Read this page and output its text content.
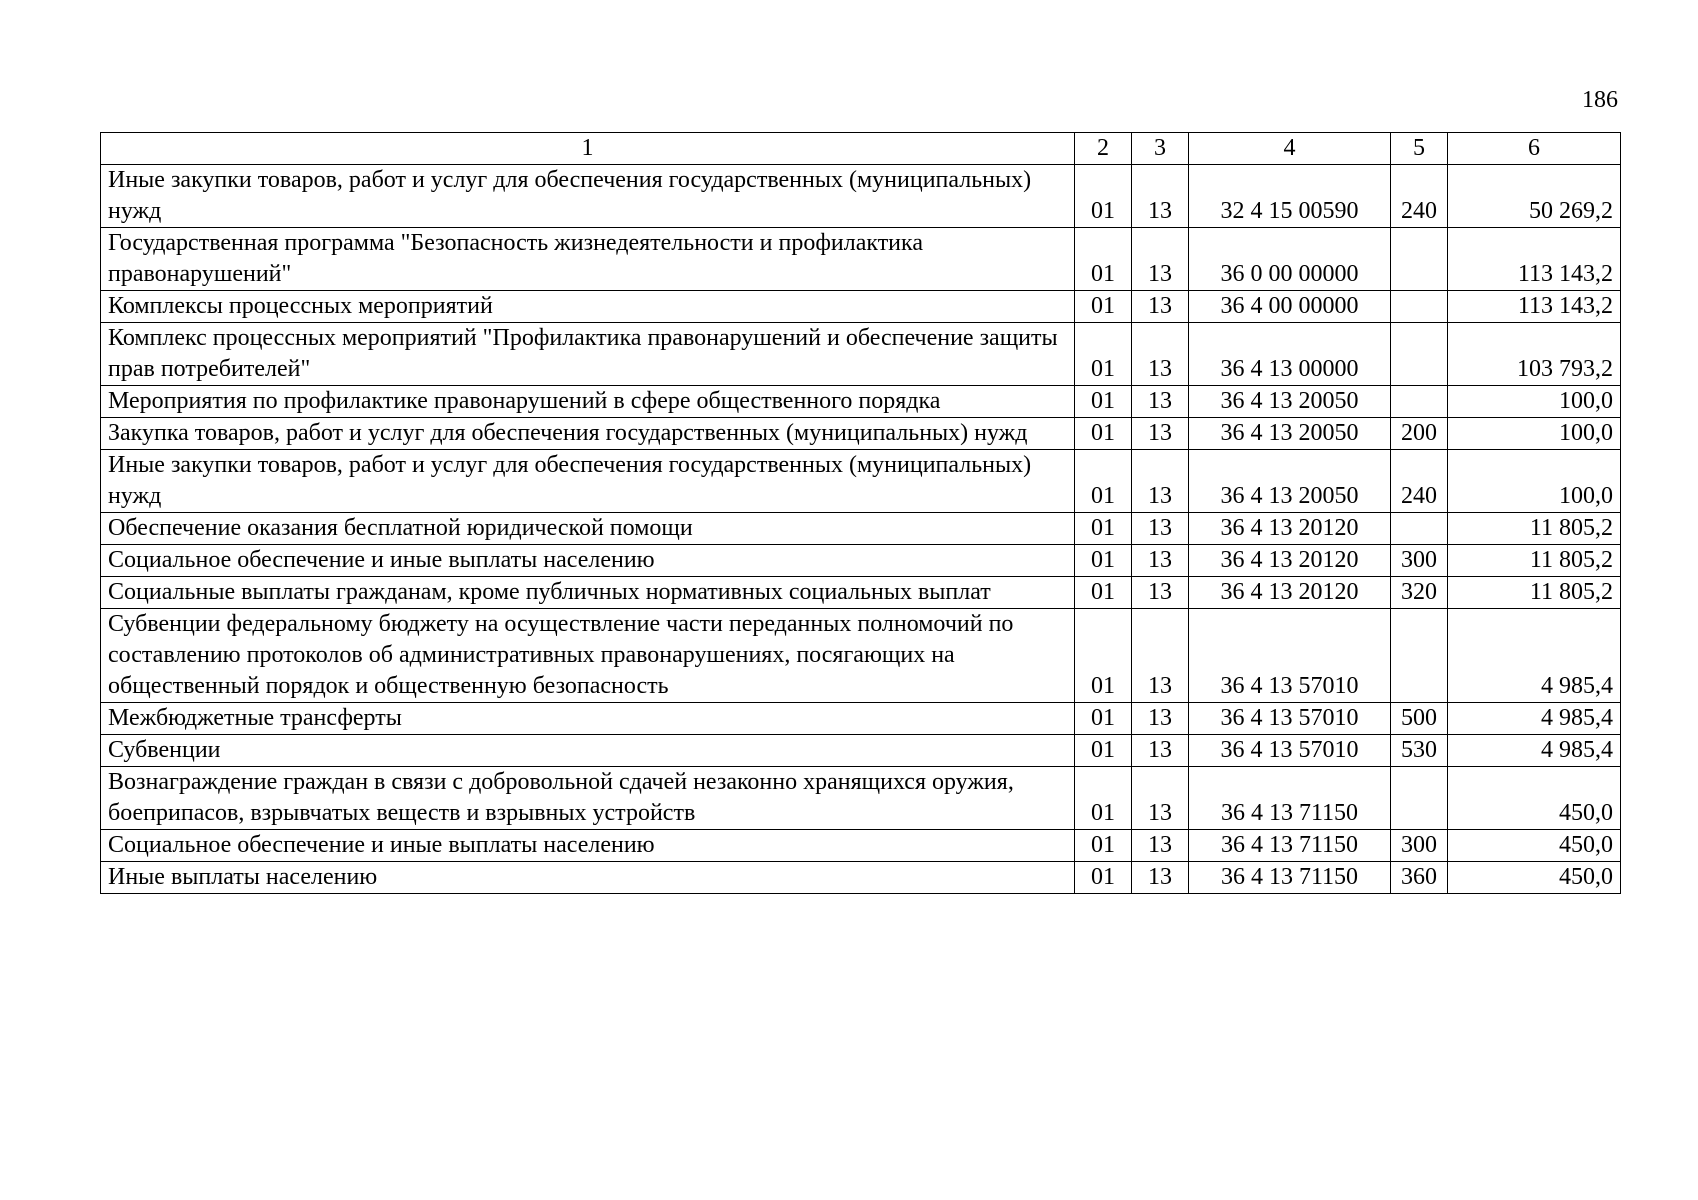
186
1	2	3	4	5	6
Иные закупки товаров, работ и услуг для обеспечения государственных (муниципальных) нужд	01	13	32 4 15 00590	240	50 269,2
Государственная программа "Безопасность жизнедеятельности и профилактика правонарушений"	01	13	36 0 00 00000		113 143,2
Комплексы процессных мероприятий	01	13	36 4 00 00000		113 143,2
Комплекс процессных мероприятий "Профилактика правонарушений и обеспечение защиты прав потребителей"	01	13	36 4 13 00000		103 793,2
Мероприятия по профилактике правонарушений в сфере общественного порядка	01	13	36 4 13 20050		100,0
Закупка товаров, работ и услуг для обеспечения государственных (муниципальных) нужд	01	13	36 4 13 20050	200	100,0
Иные закупки товаров, работ и услуг для обеспечения государственных (муниципальных) нужд	01	13	36 4 13 20050	240	100,0
Обеспечение оказания бесплатной юридической помощи	01	13	36 4 13 20120		11 805,2
Социальное обеспечение и иные выплаты населению	01	13	36 4 13 20120	300	11 805,2
Социальные выплаты гражданам, кроме публичных нормативных социальных выплат	01	13	36 4 13 20120	320	11 805,2
Субвенции федеральному бюджету на осуществление части переданных полномочий по составлению протоколов об административных правонарушениях, посягающих на общественный порядок и общественную безопасность	01	13	36 4 13 57010		4 985,4
Межбюджетные трансферты	01	13	36 4 13 57010	500	4 985,4
Субвенции	01	13	36 4 13 57010	530	4 985,4
Вознаграждение граждан в связи с добровольной сдачей незаконно хранящихся оружия, боеприпасов, взрывчатых веществ и взрывных устройств	01	13	36 4 13 71150		450,0
Социальное обеспечение и иные выплаты населению	01	13	36 4 13 71150	300	450,0
Иные выплаты населению	01	13	36 4 13 71150	360	450,0
